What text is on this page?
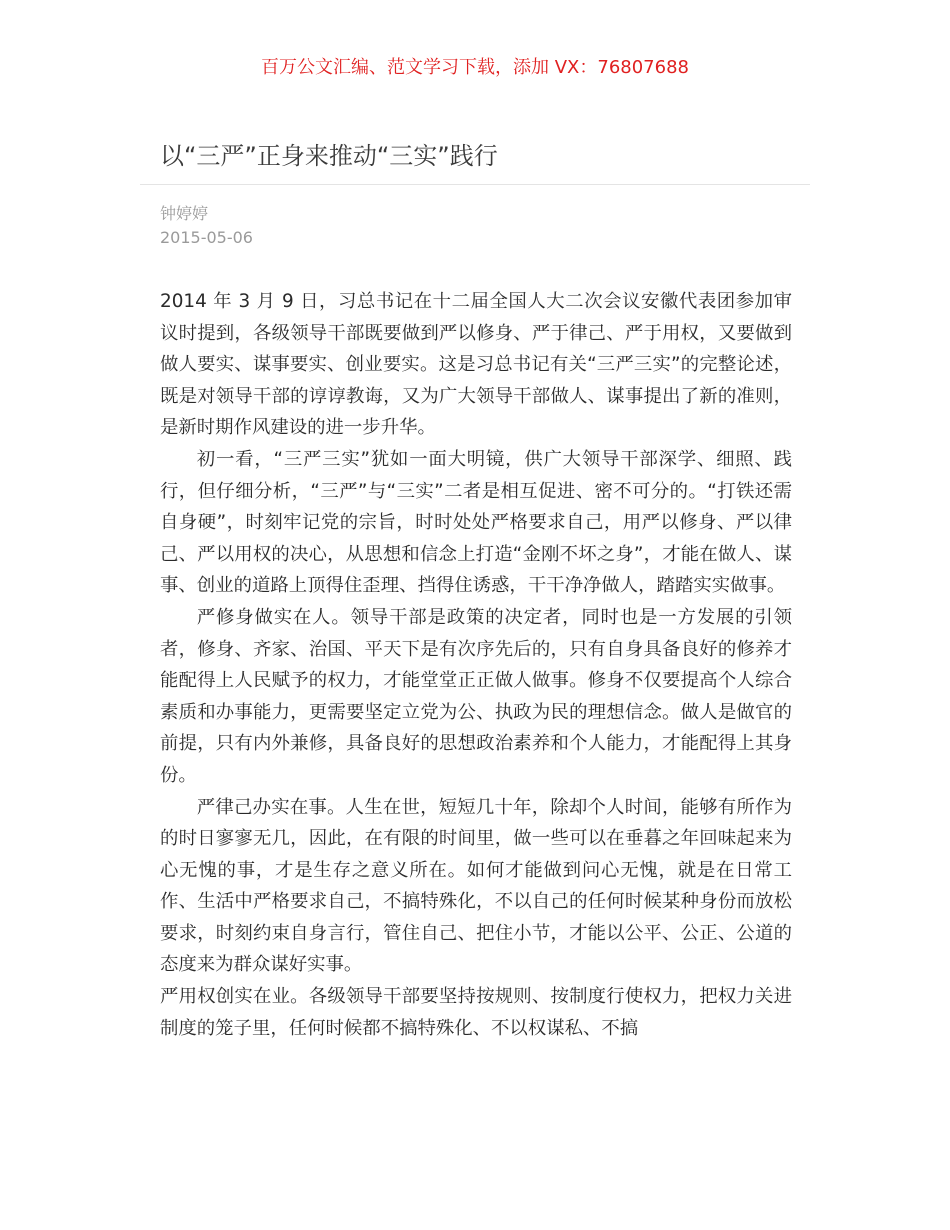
百万公文汇编、范文学习下载，添加 VX：76807688
以“三严”正身来推动“三实”践行
钟婷婷
2015-05-06

2014 年 3 月 9 日，习总书记在十二届全国人大二次会议安徽代表团参加审议时提到，各级领导干部既要做到严以修身、严于律己、严于用权，又要做到做人要实、谋事要实、创业要实。这是习总书记有关“三严三实”的完整论述，既是对领导干部的谆谆教诲，又为广大领导干部做人、谋事提出了新的准则，是新时期作风建设的进一步升华。

初一看，“三严三实”犹如一面大明镜，供广大领导干部深学、细照、践行，但仔细分析，“三严”与“三实”二者是相互促进、密不可分的。“打铁还需自身硬”，时刻牢记党的宗旨，时时处处严格要求自己，用严以修身、严以律己、严以用权的决心，从思想和信念上打造“金刚不坏之身”，才能在做人、谋事、创业的道路上顶得住歪理、挡得住诱惑，干干净净做人，踏踏实实做事。

严修身做实在人。领导干部是政策的决定者，同时也是一方发展的引领者，修身、齐家、治国、平天下是有次序先后的，只有自身具备良好的修养才能配得上人民赋予的权力，才能堂堂正正做人做事。修身不仅要提高个人综合素质和办事能力，更需要坚定立党为公、执政为民的理想信念。做人是做官的前提，只有内外兼修，具备良好的思想政治素养和个人能力，才能配得上其身份。

严律己办实在事。人生在世，短短几十年，除却个人时间，能够有所作为的时日寥寥无几，因此，在有限的时间里，做一些可以在垂暮之年回味起来为心无愧的事，才是生存之意义所在。如何才能做到问心无愧，就是在日常工作、生活中严格要求自己，不搞特殊化，不以自己的任何时候某种身份而放松要求，时刻约束自身言行，管住自己、把住小节，才能以公平、公正、公道的态度来为群众谋好实事。

严用权创实在业。各级领导干部要坚持按规则、按制度行使权力，把权力关进制度的笼子里，任何时候都不搞特殊化、不以权谋私、不搞
